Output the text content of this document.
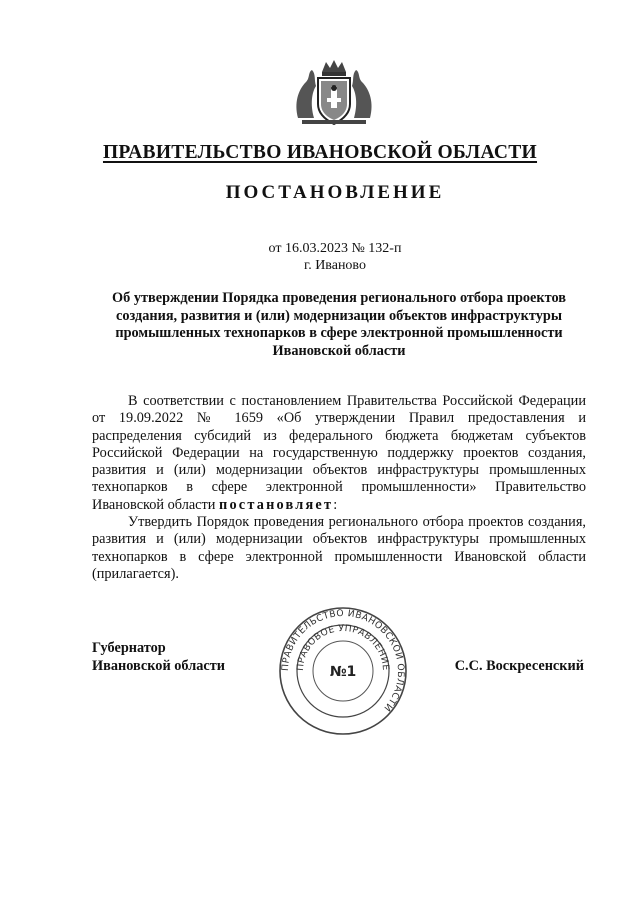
ПРАВИТЕЛЬСТВО ИВАНОВСКОЙ ОБЛАСТИ
ПОСТАНОВЛЕНИЕ
от 16.03.2023 № 132-п
г. Иваново
Об утверждении Порядка проведения регионального отбора проектов создания, развития и (или) модернизации объектов инфраструктуры промышленных технопарков в сфере электронной промышленности Ивановской области

В соответствии с постановлением Правительства Российской Федерации от 19.09.2022 № 1659 «Об утверждении Правил предоставления и распределения субсидий из федерального бюджета бюджетам субъектов Российской Федерации на государственную поддержку проектов создания, развития и (или) модернизации объектов инфраструктуры промышленных технопарков в сфере электронной промышленности» Правительство Ивановской области постановляет:

Утвердить Порядок проведения регионального отбора проектов создания, развития и (или) модернизации объектов инфраструктуры промышленных технопарков в сфере электронной промышленности Ивановской области (прилагается).

Губернатор
Ивановской области	С.С. Воскресенский
ПРАВИТЕЛЬСТВО ИВАНОВСКОЙ ОБЛАСТИ
ПРАВОВОЕ УПРАВЛЕНИЕ
№1
